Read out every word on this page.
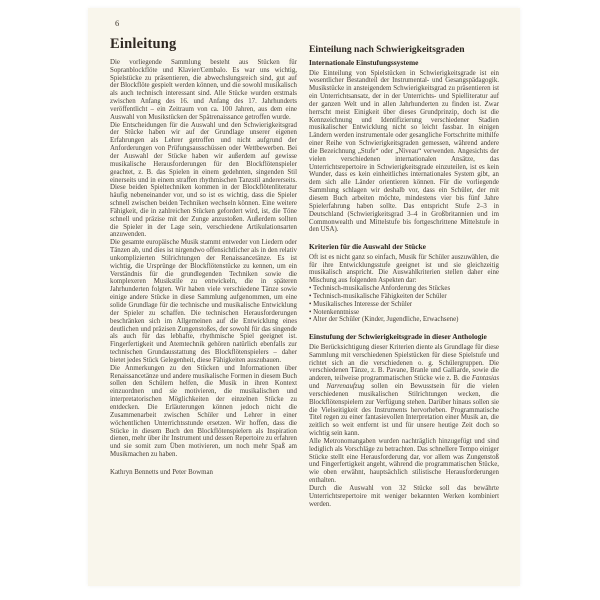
6
Einleitung

Die vorliegende Sammlung besteht aus Stücken für Sopranblockflöte und Klavier/Cembalo. Es war uns wichtig, Spielstücke zu präsentieren, die abwechslungsreich sind, gut auf der Blockflöte gespielt werden können, und die sowohl musikalisch als auch technisch interessant sind. Alle Stücke wurden erstmals zwischen Anfang des 16. und Anfang des 17. Jahrhunderts veröffentlicht – ein Zeitraum von ca. 100 Jahren, aus dem eine Auswahl von Musikstücken der Spätrenaissance getroffen wurde.

Die Entscheidungen für die Auswahl und den Schwierigkeitsgrad der Stücke haben wir auf der Grundlage unserer eigenen Erfahrungen als Lehrer getroffen und nicht aufgrund der Anforderungen von Prüfungsausschüssen oder Wettbewerben. Bei der Auswahl der Stücke haben wir außerdem auf gewisse musikalische Herausforderungen für den Blockflötenspieler geachtet, z. B. das Spielen in einem gedehnten, singenden Stil einerseits und in einem straffen rhythmischen Tanzstil andererseits. Diese beiden Spieltechniken kommen in der Blockflötenliteratur häufig nebeneinander vor, und so ist es wichtig, dass die Spieler schnell zwischen beiden Techniken wechseln können. Eine weitere Fähigkeit, die in zahlreichen Stücken gefordert wird, ist, die Töne schnell und präzise mit der Zunge anzustoßen. Außerdem sollten die Spieler in der Lage sein, verschiedene Artikulationsarten anzuwenden.

Die gesamte europäische Musik stammt entweder von Liedern oder Tänzen ab, und dies ist nirgendwo offensichtlicher als in den relativ unkomplizierten Stilrichtungen der Renaissancetänze. Es ist wichtig, die Ursprünge der Blockflötenstücke zu kennen, um ein Verständnis für die grundlegenden Techniken sowie die komplexeren Musikstile zu entwickeln, die in späteren Jahrhunderten folgten. Wir haben viele verschiedene Tänze sowie einige andere Stücke in diese Sammlung aufgenommen, um eine solide Grundlage für die technische und musikalische Entwicklung der Spieler zu schaffen. Die technischen Herausforderungen beschränken sich im Allgemeinen auf die Entwicklung eines deutlichen und präzisen Zungenstoßes, der sowohl für das singende als auch für das lebhafte, rhythmische Spiel geeignet ist. Fingerfertigkeit und Atemtechnik gehören natürlich ebenfalls zur technischen Grundausstattung des Blockflötenspielers – daher bietet jedes Stück Gelegenheit, diese Fähigkeiten auszubauen.

Die Anmerkungen zu den Stücken und Informationen über Renaissancetänze und andere musikalische Formen in diesem Buch sollen den Schülern helfen, die Musik in ihren Kontext einzuordnen und sie motivieren, die musikalischen und interpretatorischen Möglichkeiten der einzelnen Stücke zu entdecken. Die Erläuterungen können jedoch nicht die Zusammenarbeit zwischen Schüler und Lehrer in einer wöchentlichen Unterrichtsstunde ersetzen. Wir hoffen, dass die Stücke in diesem Buch den Blockflötenspielern als Inspiration dienen, mehr über ihr Instrument und dessen Repertoire zu erfahren und sie somit zum Üben motivieren, um noch mehr Spaß am Musikmachen zu haben.

Kathryn Bennetts und Peter Bowman

Einteilung nach Schwierigkeitsgraden
Internationale Einstufungssysteme

Die Einteilung von Spielstücken in Schwierigkeitsgrade ist ein wesentlicher Bestandteil der Instrumental- und Gesangspädagogik. Musikstücke in ansteigendem Schwierigkeitsgrad zu präsentieren ist ein Unterrichtsansatz, der in der Unterrichts- und Spielliteratur auf der ganzen Welt und in allen Jahrhunderten zu finden ist. Zwar herrscht meist Einigkeit über dieses Grundprinzip, doch ist die Kennzeichnung und Identifizierung verschiedener Stadien musikalischer Entwicklung nicht so leicht fassbar. In einigen Ländern werden instrumentale oder gesangliche Fortschritte mithilfe einer Reihe von Schwierigkeitsgraden gemessen, während andere die Bezeichnung „Stufe“ oder „Niveau“ verwenden. Angesichts der vielen verschiedenen internationalen Ansätze, das Unterrichtsrepertoire in Schwierigkeitsgrade einzuteilen, ist es kein Wunder, dass es kein einheitliches internationales System gibt, an dem sich alle Länder orientieren können. Für die vorliegende Sammlung schlagen wir deshalb vor, dass ein Schüler, der mit diesem Buch arbeiten möchte, mindestens vier bis fünf Jahre Spielerfahrung haben sollte. Das entspricht Stufe 2–3 in Deutschland (Schwierigkeitsgrad 3–4 in Großbritannien und im Commonwealth und Mittelstufe bis fortgeschrittene Mittelstufe in den USA).

Kriterien für die Auswahl der Stücke

Oft ist es nicht ganz so einfach, Musik für Schüler auszuwählen, die für ihre Entwicklungsstufe geeignet ist und sie gleichzeitig musikalisch anspricht. Die Auswahlkriterien stellen daher eine Mischung aus folgenden Aspekten dar:

• Technisch-musikalische Anforderung des Stückes
• Technisch-musikalische Fähigkeiten der Schüler
• Musikalisches Interesse der Schüler
• Notenkenntnisse
• Alter der Schüler (Kinder, Jugendliche, Erwachsene)
Einstufung der Schwierigkeitsgrade in dieser Anthologie

Die Berücksichtigung dieser Kriterien diente als Grundlage für diese Sammlung mit verschiedenen Spielstücken für diese Spielstufe und richtet sich an die verschiedenen o. g. Schülergruppen. Die verschiedenen Tänze, z. B. Pavane, Branle und Galliarde, sowie die anderen, teilweise programmatischen Stücke wie z. B. die Fantasias und Narrenaufzug sollen ein Bewusstsein für die vielen verschiedenen musikalischen Stilrichtungen wecken, die Blockflötenspielern zur Verfügung stehen. Darüber hinaus sollen sie die Vielseitigkeit des Instruments hervorheben. Programmatische Titel regen zu einer fantasievollen Interpretation einer Musik an, die zeitlich so weit entfernt ist und für unsere heutige Zeit doch so wichtig sein kann.

Alle Metronomangaben wurden nachträglich hinzugefügt und sind lediglich als Vorschläge zu betrachten. Das schnellere Tempo einiger Stücke stellt eine Herausforderung dar, vor allem was Zungenstoß und Fingerfertigkeit angeht, während die programmatischen Stücke, wie oben erwähnt, hauptsächlich stilistische Herausforderungen enthalten.

Durch die Auswahl von 32 Stücke soll das bewährte Unterrichtsrepertoire mit weniger bekannten Werken kombiniert werden.
